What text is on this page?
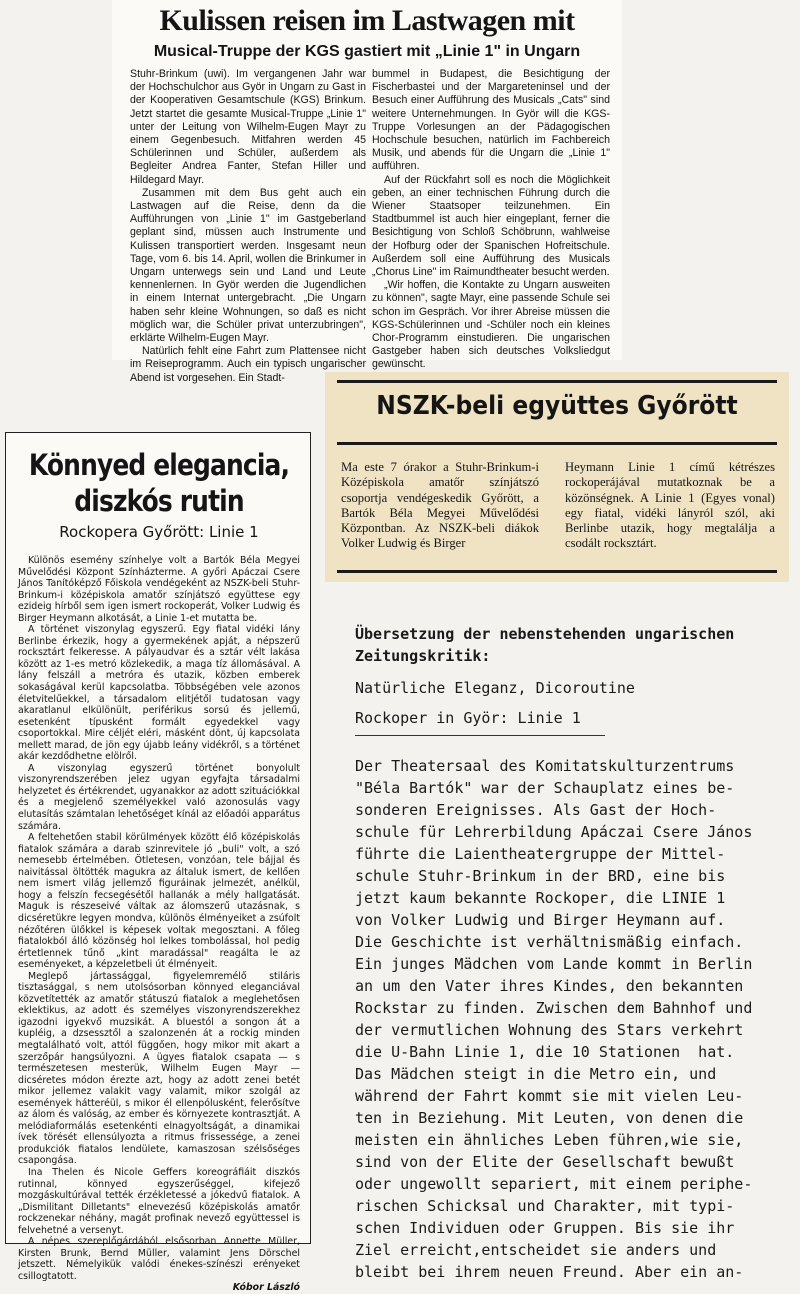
Kulissen reisen im Lastwagen mit
Musical-Truppe der KGS gastiert mit „Linie 1" in Ungarn

Stuhr-Brinkum (uwi). Im vergangenen Jahr war der Hochschulchor aus Györ in Ungarn zu Gast in der Kooperativen Gesamtschule (KGS) Brinkum. Jetzt startet die gesamte Musical-Truppe „Linie 1" unter der Leitung von Wilhelm-Eugen Mayr zu einem Gegenbesuch. Mitfahren werden 45 Schülerinnen und Schüler, außerdem als Begleiter Andrea Fanter, Stefan Hiller und Hildegard Mayr.

Zusammen mit dem Bus geht auch ein Lastwagen auf die Reise, denn da die Aufführungen von „Linie 1" im Gastgeberland geplant sind, müssen auch Instrumente und Kulissen transportiert werden. Insgesamt neun Tage, vom 6. bis 14. April, wollen die Brinkumer in Ungarn unterwegs sein und Land und Leute kennenlernen. In Györ werden die Jugendlichen in einem Internat untergebracht. „Die Ungarn haben sehr kleine Wohnungen, so daß es nicht möglich war, die Schüler privat unterzubringen", erklärte Wilhelm-Eugen Mayr.

Natürlich fehlt eine Fahrt zum Plattensee nicht im Reiseprogramm. Auch ein typisch ungarischer Abend ist vorgesehen. Ein Stadt-

bummel in Budapest, die Besichtigung der Fischerbastei und der Margareteninsel und der Besuch einer Aufführung des Musicals „Cats" sind weitere Unternehmungen. In Györ will die KGS-Truppe Vorlesungen an der Pädagogischen Hochschule besuchen, natürlich im Fachbereich Musik, und abends für die Ungarn die „Linie 1" aufführen.

Auf der Rückfahrt soll es noch die Möglichkeit geben, an einer technischen Führung durch die Wiener Staatsoper teilzunehmen. Ein Stadtbummel ist auch hier eingeplant, ferner die Besichtigung von Schloß Schöbrunn, wahlweise der Hofburg oder der Spanischen Hofreitschule. Außerdem soll eine Aufführung des Musicals „Chorus Line" im Raimundtheater besucht werden.

„Wir hoffen, die Kontakte zu Ungarn ausweiten zu können", sagte Mayr, eine passende Schule sei schon im Gespräch. Vor ihrer Abreise müssen die KGS-Schülerinnen und -Schüler noch ein kleines Chor-Programm einstudieren. Die ungarischen Gastgeber haben sich deutsches Volksliedgut gewünscht.

Könnyed elegancia,
diszkós rutin
Rockopera Győrött: Linie 1

Különös esemény színhelye volt a Bartók Béla Megyei Művelődési Központ Színházterme. A győri Apáczai Csere János Tanítóképző Főiskola vendégeként az NSZK-beli Stuhr-Brinkum-i középiskola amatőr színjátszó együttese egy ezideig hírből sem igen ismert rockoperát, Volker Ludwig és Birger Heymann alkotását, a Linie 1-et mutatta be.

A történet viszonylag egyszerű. Egy fiatal vidéki lány Berlinbe érkezik, hogy a gyermekének apját, a népszerű rocksztárt felkeresse. A pályaudvar és a sztár vélt lakása között az 1-es metró közlekedik, a maga tíz állomásával. A lány felszáll a metróra és utazik, közben emberek sokaságával kerül kapcsolatba. Többségében vele azonos életvitelűekkel, a társadalom elitjétől tudatosan vagy akaratlanul elkülönült, periférikus sorsú és jellemű, esetenként típusként formált egyedekkel vagy csoportokkal. Mire céljét eléri, másként dönt, új kapcsolata mellett marad, de jön egy újabb leány vidékről, s a történet akár kezdődhetne elölről.

A viszonylag egyszerű történet bonyolult viszonyrendszerében jelez ugyan egyfajta társadalmi helyzetet és értékrendet, ugyanakkor az adott szituációkkal és a megjelenő személyekkel való azonosulás vagy elutasítás számtalan lehetőséget kínál az előadói apparátus számára.

A feltehetően stabil körülmények között élő középiskolás fiatalok számára a darab szinrevitele jó „buli" volt, a szó nemesebb értelmében. Ötletesen, vonzóan, tele bájjal és naivitással öltötték magukra az általuk ismert, de kellően nem ismert világ jellemző figuráinak jelmezét, anélkül, hogy a felszín fecsegésétől hallanák a mély hallgatását. Maguk is részeseivé váltak az álomszerű utazásnak, s dicséretükre legyen mondva, különös élményeiket a zsúfolt nézőtéren ülőkkel is képesek voltak megosztani. A főleg fiatalokból álló közönség hol lelkes tombolással, hol pedig értetlennek tűnő „kint maradással" reagálta le az eseményeket, a képzeletbeli út élményeit.

Meglepő jártassággal, figyelemremélő stiláris tisztasággal, s nem utolsósorban könnyed eleganciával közvetítették az amatőr státuszú fiatalok a meglehetősen eklektikus, az adott és személyes viszonyrendszerekhez igazodni igyekvő muzsikát. A bluestól a songon át a kupléig, a dzsessztől a szalonzenén át a rockig minden megtalálható volt, attól függően, hogy mikor mit akart a szerzőpár hangsúlyozni. A ügyes fiatalok csapata — s természetesen mesterük, Wilhelm Eugen Mayr — dicséretes módon érezte azt, hogy az adott zenei betét mikor jellemez valakit vagy valamit, mikor szolgál az események hátteréül, s mikor él ellenpólusként, felerősítve az álom és valóság, az ember és környezete kontrasztját. A melódiaformálás esetenkénti elnagyoltságát, a dinamikai ívek törését ellensúlyozta a ritmus frissessége, a zenei produkciók fiatalos lendülete, kamaszosan szélsőséges csapongása.

Ina Thelen és Nicole Geffers koreográfiáit diszkós rutinnal, könnyed egyszerűséggel, kifejező mozgáskultúrával tették érzékletessé a jókedvű fiatalok. A „Dismilitant Dilletants" elnevezésű középiskolás amatőr rockzenekar néhány, magát profinak nevező együttessel is felvehetné a versenyt.

A népes szereplőgárdából elsősorban Annette Müller, Kirsten Brunk, Bernd Müller, valamint Jens Dörschel jetszett. Némelyikük valódi énekes-színészi erényeket csillogtatott.

Kóbor László
NSZK-beli együttes Győrött
Ma este 7 órakor a Stuhr-Brinkum-i Középiskola amatőr színjátszó csoportja vendégeskedik Győrött, a Bartók Béla Megyei Művelődési Központban. Az NSZK-beli diákok Volker Ludwig és Birger
Heymann Linie 1 című kétrészes rockoperájával mutatkoznak be a közönségnek. A Linie 1 (Egyes vonal) egy fiatal, vidéki lányról szól, aki Berlinbe utazik, hogy megtalálja a csodált rocksztárt.
Übersetzung der nebenstehenden ungarischen
Zeitungskritik:
Natürliche Eleganz, Dicoroutine
Rockoper in Györ: Linie 1
Der Theatersaal des Komitatskulturzentrums
"Béla Bartók" war der Schauplatz eines be-
sonderen Ereignisses. Als Gast der Hoch-
schule für Lehrerbildung Apáczai Csere János
führte die Laientheatergruppe der Mittel-
schule Stuhr-Brinkum in der BRD, eine bis
jetzt kaum bekannte Rockoper, die LINIE 1
von Volker Ludwig und Birger Heymann auf.
Die Geschichte ist verhältnismäßig einfach.
Ein junges Mädchen vom Lande kommt in Berlin
an um den Vater ihres Kindes, den bekannten
Rockstar zu finden. Zwischen dem Bahnhof und
der vermutlichen Wohnung des Stars verkehrt
die U-Bahn Linie 1, die 10 Stationen  hat.
Das Mädchen steigt in die Metro ein, und
während der Fahrt kommt sie mit vielen Leu-
ten in Beziehung. Mit Leuten, von denen die
meisten ein ähnliches Leben führen,wie sie,
sind von der Elite der Gesellschaft bewußt
oder ungewollt separiert, mit einem periphe-
rischen Schicksal und Charakter, mit typi-
schen Individuen oder Gruppen. Bis sie ihr
Ziel erreicht,entscheidet sie anders und
bleibt bei ihrem neuen Freund. Aber ein an-
